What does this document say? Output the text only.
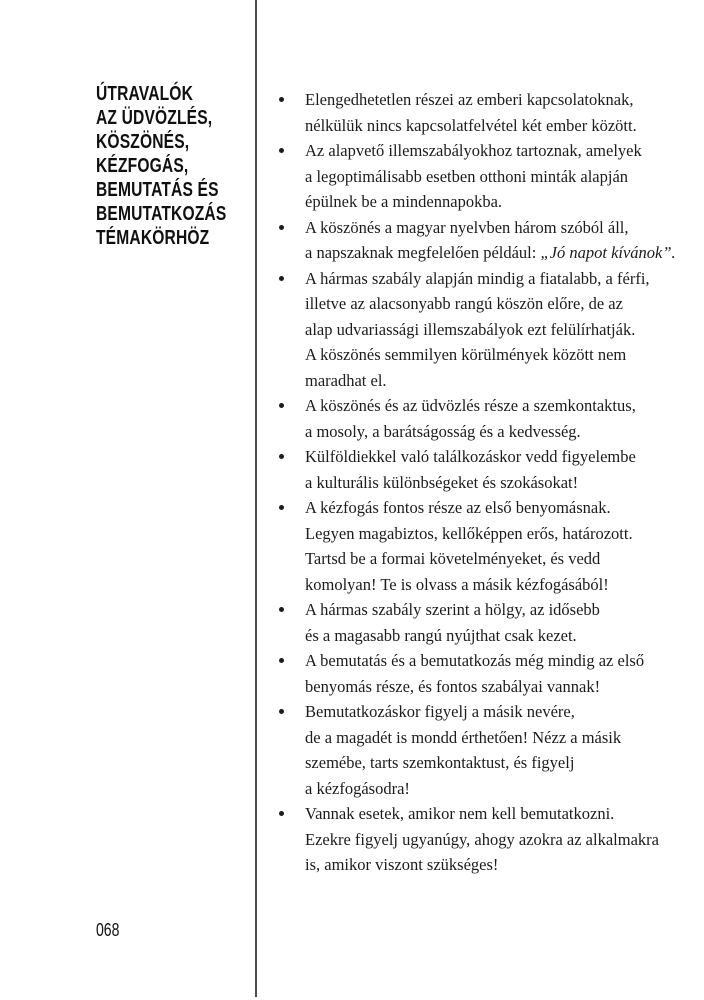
ÚTRAVALÓK
AZ ÜDVÖZLÉS,
KÖSZÖNÉS,
KÉZFOGÁS,
BEMUTATÁS ÉS
BEMUTATKOZÁS
TÉMAKÖRHÖZ
Elengedhetetlen részei az emberi kapcsolatoknak,
nélkülük nincs kapcsolatfelvétel két ember között.
Az alapvető illemszabályokhoz tartoznak, amelyek
a legoptimálisabb esetben otthoni minták alapján
épülnek be a mindennapokba.
A köszönés a magyar nyelvben három szóból áll,
a napszaknak megfelelően például: „Jó napot kívánok”.
A hármas szabály alapján mindig a fiatalabb, a férfi,
illetve az alacsonyabb rangú köszön előre, de az
alap udvariassági illemszabályok ezt felülírhatják.
A köszönés semmilyen körülmények között nem
maradhat el.
A köszönés és az üdvözlés része a szemkontaktus,
a mosoly, a barátságosság és a kedvesség.
Külföldiekkel való találkozáskor vedd figyelembe
a kulturális különbségeket és szokásokat!
A kézfogás fontos része az első benyomásnak.
Legyen magabiztos, kellőképpen erős, határozott.
Tartsd be a formai követelményeket, és vedd
komolyan! Te is olvass a másik kézfogásából!
A hármas szabály szerint a hölgy, az idősebb
és a magasabb rangú nyújthat csak kezet.
A bemutatás és a bemutatkozás még mindig az első
benyomás része, és fontos szabályai vannak!
Bemutatkozáskor figyelj a másik nevére,
de a magadét is mondd érthetően! Nézz a másik
szemébe, tarts szemkontaktust, és figyelj
a kézfogásodra!
Vannak esetek, amikor nem kell bemutatkozni.
Ezekre figyelj ugyanúgy, ahogy azokra az alkalmakra
is, amikor viszont szükséges!
068
